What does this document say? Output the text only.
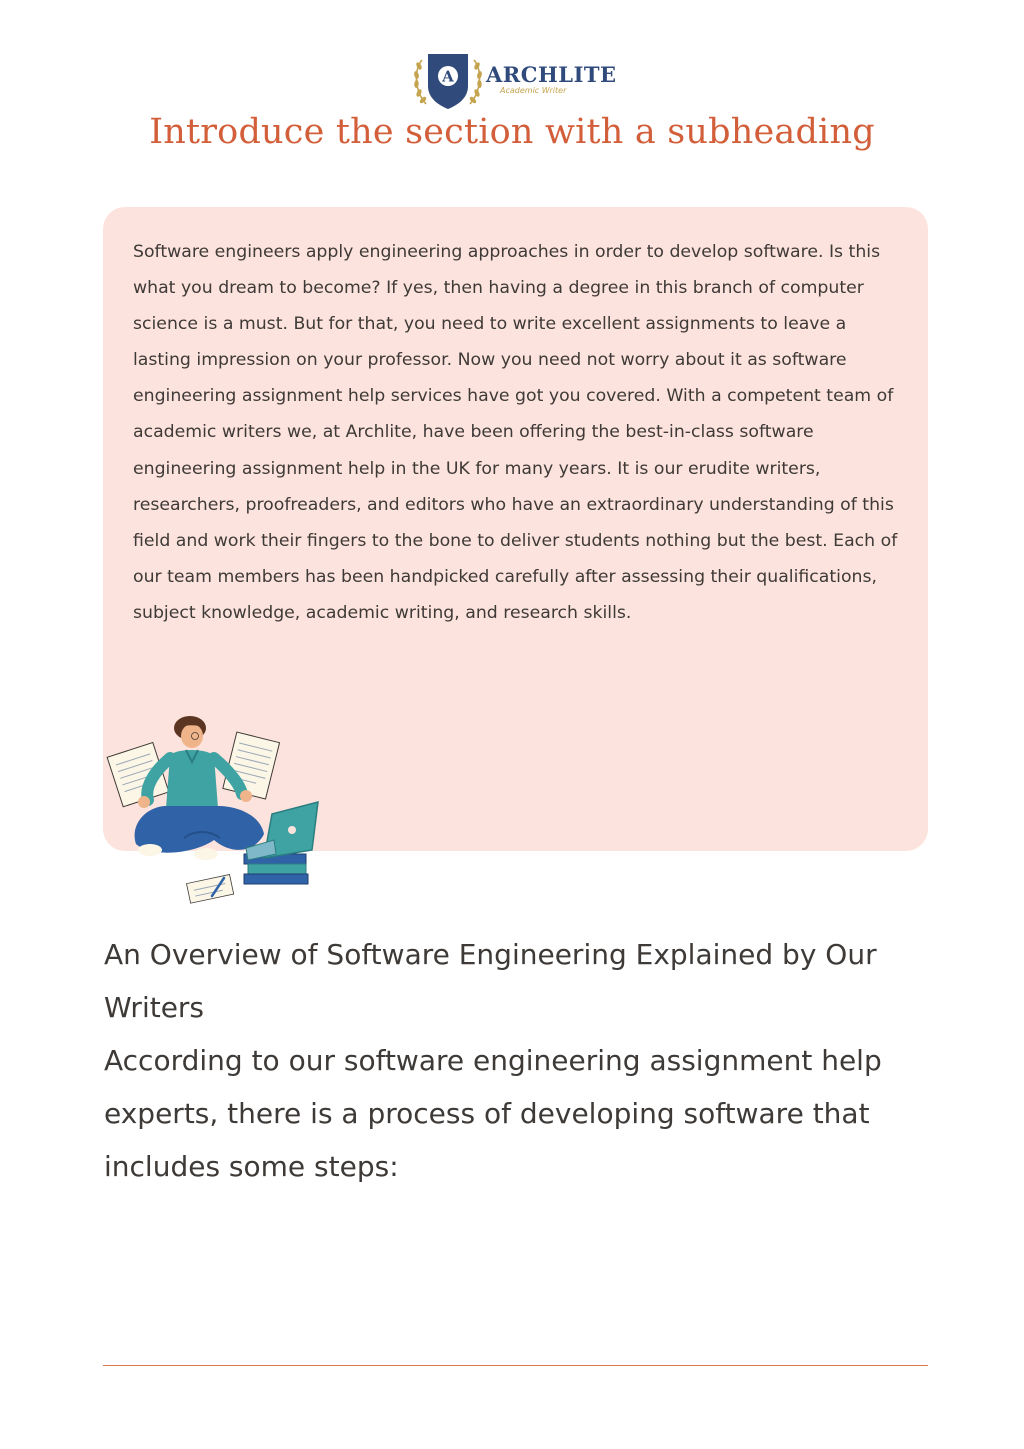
A ARCHLITE
Academic Writer
Introduce the section with a subheading

Software engineers apply engineering approaches in order to develop software. Is this what you dream to become? If yes, then having a degree in this branch of computer science is a must. But for that, you need to write excellent assignments to leave a lasting impression on your professor. Now you need not worry about it as software engineering assignment help services have got you covered. With a competent team of academic writers we, at Archlite, have been offering the best-in-class software engineering assignment help in the UK for many years. It is our erudite writers, researchers, proofreaders, and editors who have an extraordinary understanding of this field and work their fingers to the bone to deliver students nothing but the best. Each of our team members has been handpicked carefully after assessing their qualifications, subject knowledge, academic writing, and research skills.

An Overview of Software Engineering Explained by Our Writers

According to our software engineering assignment help experts, there is a process of developing software that includes some steps:
